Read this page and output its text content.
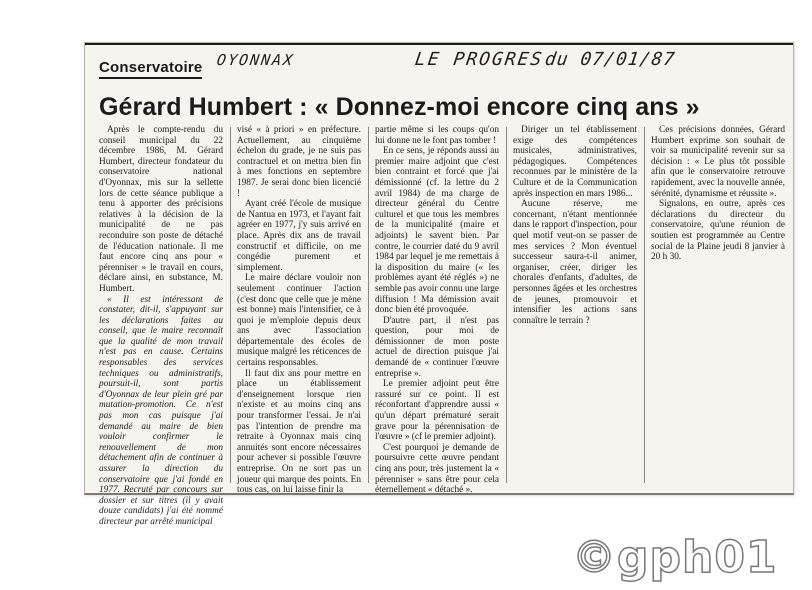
Conservatoire OYONNAX	LE PROGRES
du 07/01/87
Gérard Humbert : « Donnez-moi encore cinq ans »

Après le compte-rendu du conseil municipal du 22 décembre 1986, M. Gérard Humbert, directeur fondateur du conservatoire national d'Oyonnax, mis sur la sellette lors de cette séance publique a tenu à apporter des précisions relatives à la décision de la municipalité de ne pas reconduire son poste de détaché de l'éducation nationale. Il me faut encore cinq ans pour « pérenniser » le travail en cours, déclare ainsi, en substance, M. Humbert.

« Il est intéressant de constater, dit-il, s'appuyant sur les déclarations faites au conseil, que le maire reconnaît que la qualité de mon travail n'est pas en cause. Certains responsables des services techniques ou administratifs, poursuit-il, sont partis d'Oyonnax de leur plein gré par mutation-promotion. Ce n'est pas mon cas puisque j'ai demandé au maire de bien vouloir confirmer le renouvellement de mon détachement afin de continuer à assurer la direction du conservatoire que j'ai fondé en 1977. Recruté par concours sur dossier et sur titres (il y avait douze candidats) j'ai été nommé directeur par arrêté municipal

visé « à priori » en préfecture. Actuellement, au cinquième échelon du grade, je ne suis pas contractuel et on mettra bien fin à mes fonctions en septembre 1987. Je serai donc bien licencié !

Ayant créé l'école de musique de Nantua en 1973, et l'ayant fait agréer en 1977, j'y suis arrivé en place. Après dix ans de travail constructif et difficile, on me congédie purement et simplement.

Le maire déclare vouloir non seulement continuer l'action (c'est donc que celle que je mène est bonne) mais l'intensifier, ce à quoi je m'emploie depuis deux ans avec l'association départementale des écoles de musique malgré les réticences de certains responsables.

Il faut dix ans pour mettre en place un établissement d'enseignement lorsque rien n'existe et au moins cinq ans pour transformer l'essai. Je n'ai pas l'intention de prendre ma retraite à Oyonnax mais cinq annuités sont encore nécessaires pour achever si possible l'œuvre entreprise. On ne sort pas un joueur qui marque des points. En tous cas, on lui laisse finir la

partie même si les coups qu'on lui donne ne le font pas tomber !

En ce sens, je réponds aussi au premier maire adjoint que c'est bien contraint et forcé que j'ai démissionné (cf. la lettre du 2 avril 1984) de ma charge de directeur général du Centre culturel et que tous les membres de la municipalité (maire et adjoints) le savent bien. Par contre, le courrier daté du 9 avril 1984 par lequel je me remettais à la disposition du maire (« les problèmes ayant été réglés ») ne semble pas avoir connu une large diffusion ! Ma démission avait donc bien été provoquée.

D'autre part, il n'est pas question, pour moi de démissionner de mon poste actuel de direction puisque j'ai demandé de « continuer l'œuvre entreprise ».

Le premier adjoint peut être rassuré sur ce point. Il est réconfortant d'apprendre aussi « qu'un départ prématuré serait grave pour la pérennisation de l'œuvre » (cf le premier adjoint).

C'est pourquoi je demande de poursuivre cette œuvre pendant cinq ans pour, très justement la « pérenniser » sans être pour cela éternellement « détaché ».

Diriger un tel établissement exige des compétences musicales, administratives, pédagogiques. Compétences reconnues par le ministère de la Culture et de la Communication après inspection en mars 1986...

Aucune réserve, me concernant, n'étant mentionnée dans le rapport d'inspection, pour quel motif veut-on se passer de mes services ? Mon éventuel successeur saura-t-il animer, organiser, créer, diriger les chorales d'enfants, d'adultes, de personnes âgées et les orchestres de jeunes, promouvoir et intensifier les actions sans connaître le terrain ?

Ces précisions données, Gérard Humbert exprime son souhait de voir sa municipalité revenir sur sa décision : « Le plus tôt possible afin que le conservatoire retrouve rapidement, avec la nouvelle année, sérénité, dynamisme et réussite ».

Signalons, en outre, après ces déclarations du directeur du conservatoire, qu'une réunion de soutien est programmée au Centre social de la Plaine jeudi 8 janvier à 20 h 30.

©gph01
